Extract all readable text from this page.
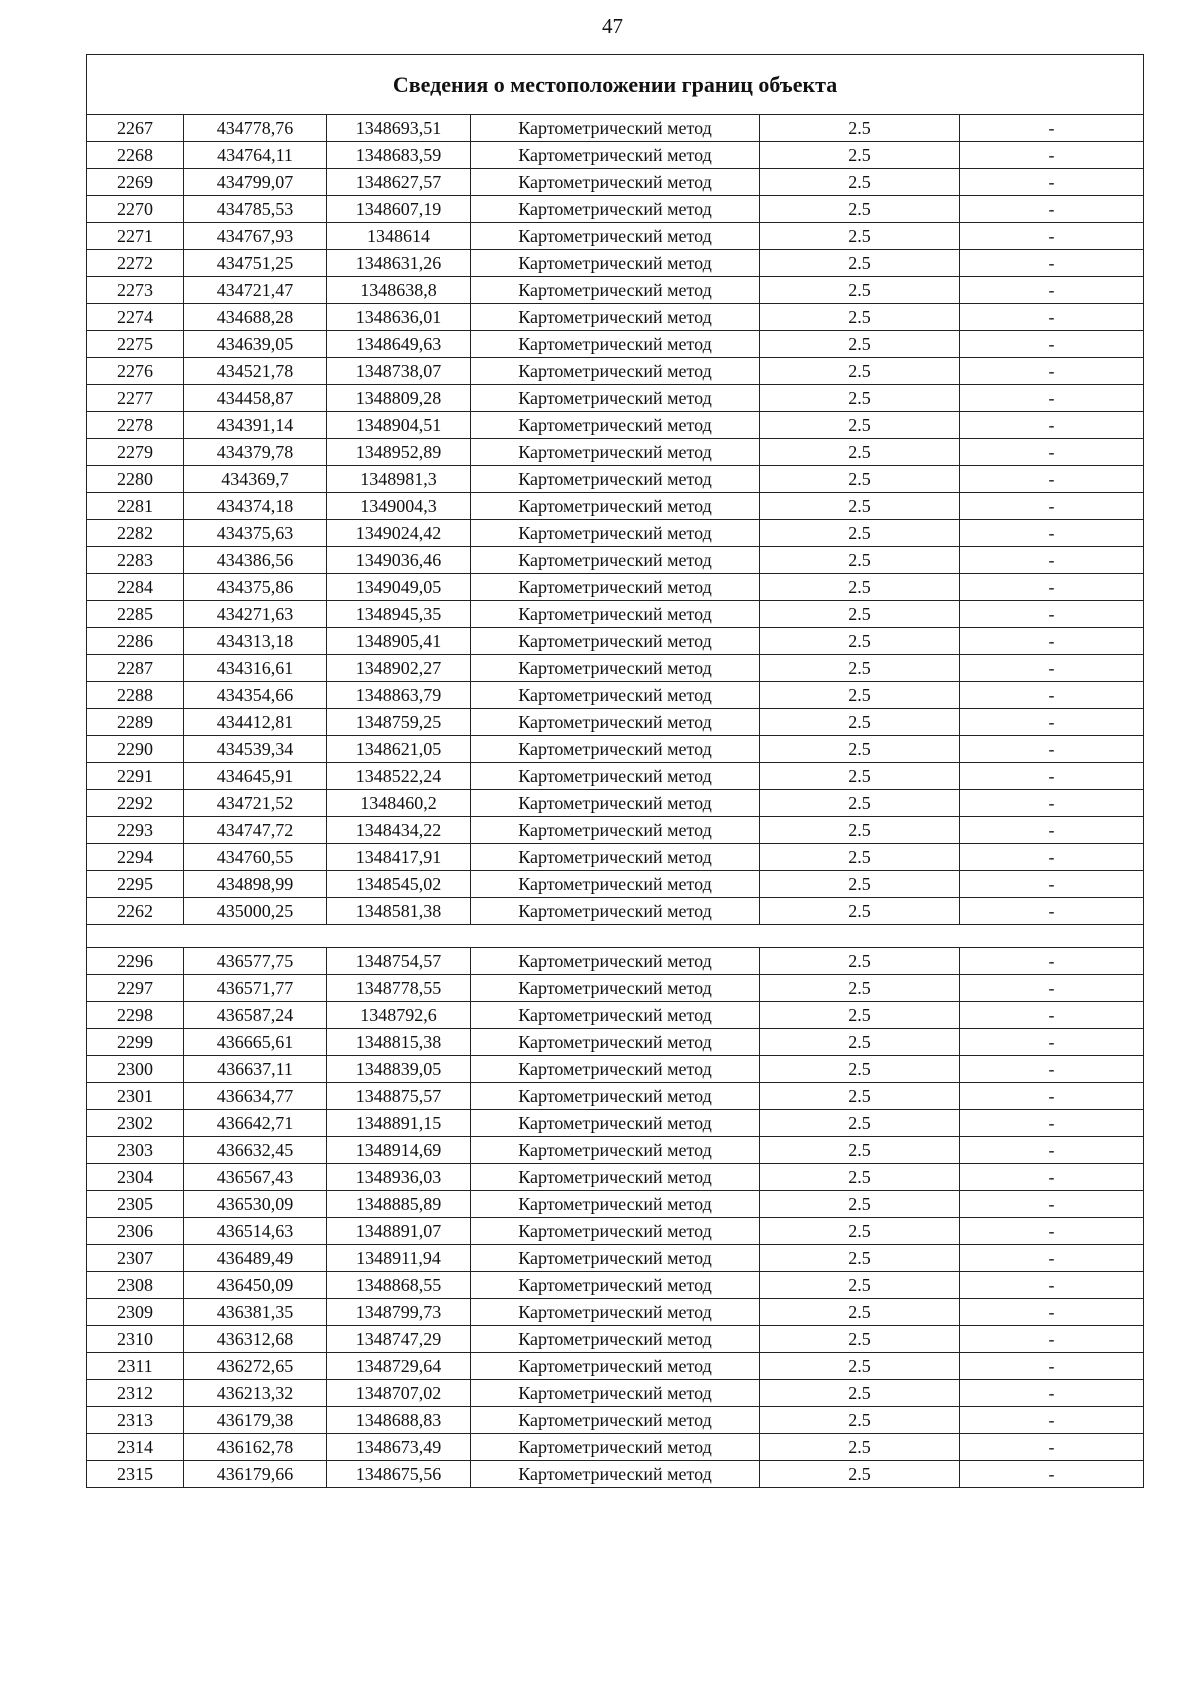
47
Сведения о местоположении границ объекта					
2267	434778,76	1348693,51	Картометрический метод	2.5	-
2268	434764,11	1348683,59	Картометрический метод	2.5	-
2269	434799,07	1348627,57	Картометрический метод	2.5	-
2270	434785,53	1348607,19	Картометрический метод	2.5	-
2271	434767,93	1348614	Картометрический метод	2.5	-
2272	434751,25	1348631,26	Картометрический метод	2.5	-
2273	434721,47	1348638,8	Картометрический метод	2.5	-
2274	434688,28	1348636,01	Картометрический метод	2.5	-
2275	434639,05	1348649,63	Картометрический метод	2.5	-
2276	434521,78	1348738,07	Картометрический метод	2.5	-
2277	434458,87	1348809,28	Картометрический метод	2.5	-
2278	434391,14	1348904,51	Картометрический метод	2.5	-
2279	434379,78	1348952,89	Картометрический метод	2.5	-
2280	434369,7	1348981,3	Картометрический метод	2.5	-
2281	434374,18	1349004,3	Картометрический метод	2.5	-
2282	434375,63	1349024,42	Картометрический метод	2.5	-
2283	434386,56	1349036,46	Картометрический метод	2.5	-
2284	434375,86	1349049,05	Картометрический метод	2.5	-
2285	434271,63	1348945,35	Картометрический метод	2.5	-
2286	434313,18	1348905,41	Картометрический метод	2.5	-
2287	434316,61	1348902,27	Картометрический метод	2.5	-
2288	434354,66	1348863,79	Картометрический метод	2.5	-
2289	434412,81	1348759,25	Картометрический метод	2.5	-
2290	434539,34	1348621,05	Картометрический метод	2.5	-
2291	434645,91	1348522,24	Картометрический метод	2.5	-
2292	434721,52	1348460,2	Картометрический метод	2.5	-
2293	434747,72	1348434,22	Картометрический метод	2.5	-
2294	434760,55	1348417,91	Картометрический метод	2.5	-
2295	434898,99	1348545,02	Картометрический метод	2.5	-
2262	435000,25	1348581,38	Картометрический метод	2.5	-

2296	436577,75	1348754,57	Картометрический метод	2.5	-
2297	436571,77	1348778,55	Картометрический метод	2.5	-
2298	436587,24	1348792,6	Картометрический метод	2.5	-
2299	436665,61	1348815,38	Картометрический метод	2.5	-
2300	436637,11	1348839,05	Картометрический метод	2.5	-
2301	436634,77	1348875,57	Картометрический метод	2.5	-
2302	436642,71	1348891,15	Картометрический метод	2.5	-
2303	436632,45	1348914,69	Картометрический метод	2.5	-
2304	436567,43	1348936,03	Картометрический метод	2.5	-
2305	436530,09	1348885,89	Картометрический метод	2.5	-
2306	436514,63	1348891,07	Картометрический метод	2.5	-
2307	436489,49	1348911,94	Картометрический метод	2.5	-
2308	436450,09	1348868,55	Картометрический метод	2.5	-
2309	436381,35	1348799,73	Картометрический метод	2.5	-
2310	436312,68	1348747,29	Картометрический метод	2.5	-
2311	436272,65	1348729,64	Картометрический метод	2.5	-
2312	436213,32	1348707,02	Картометрический метод	2.5	-
2313	436179,38	1348688,83	Картометрический метод	2.5	-
2314	436162,78	1348673,49	Картометрический метод	2.5	-
2315	436179,66	1348675,56	Картометрический метод	2.5	-
